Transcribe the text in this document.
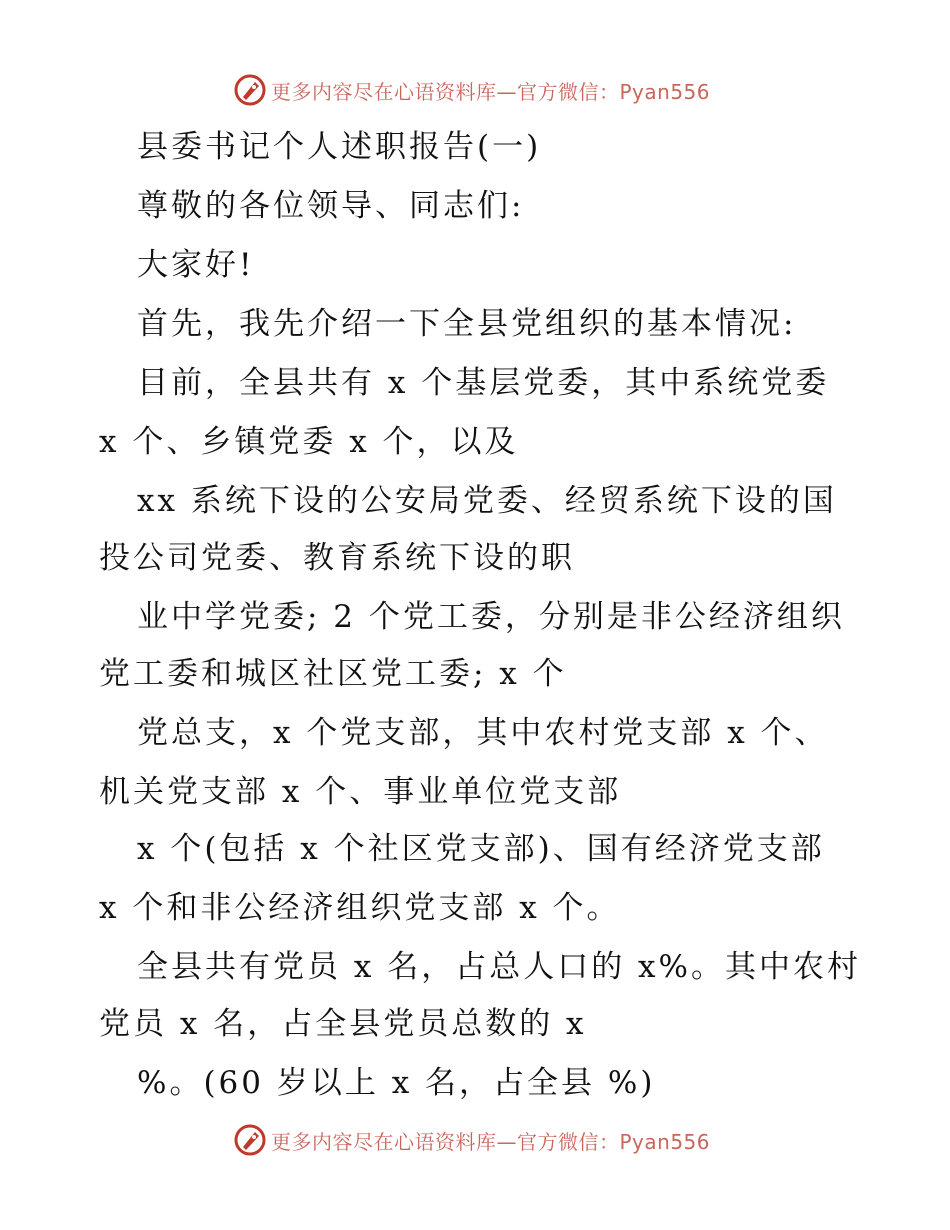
更多内容尽在心语资料库—官方微信：Pyan556
县委书记个人述职报告(一)
尊敬的各位领导、同志们:
大家好!
首先，我先介绍一下全县党组织的基本情况:
目前，全县共有 x 个基层党委，其中系统党委
x 个、乡镇党委 x 个，以及
xx 系统下设的公安局党委、经贸系统下设的国
投公司党委、教育系统下设的职
业中学党委; 2 个党工委，分别是非公经济组织
党工委和城区社区党工委; x 个
党总支，x 个党支部，其中农村党支部 x 个、
机关党支部 x 个、事业单位党支部
x 个(包括 x 个社区党支部)、国有经济党支部
x 个和非公经济组织党支部 x 个。
全县共有党员 x 名，占总人口的 x%。其中农村
党员 x 名，占全县党员总数的 x
%。(60 岁以上 x 名，占全县 %)
更多内容尽在心语资料库—官方微信：Pyan556
